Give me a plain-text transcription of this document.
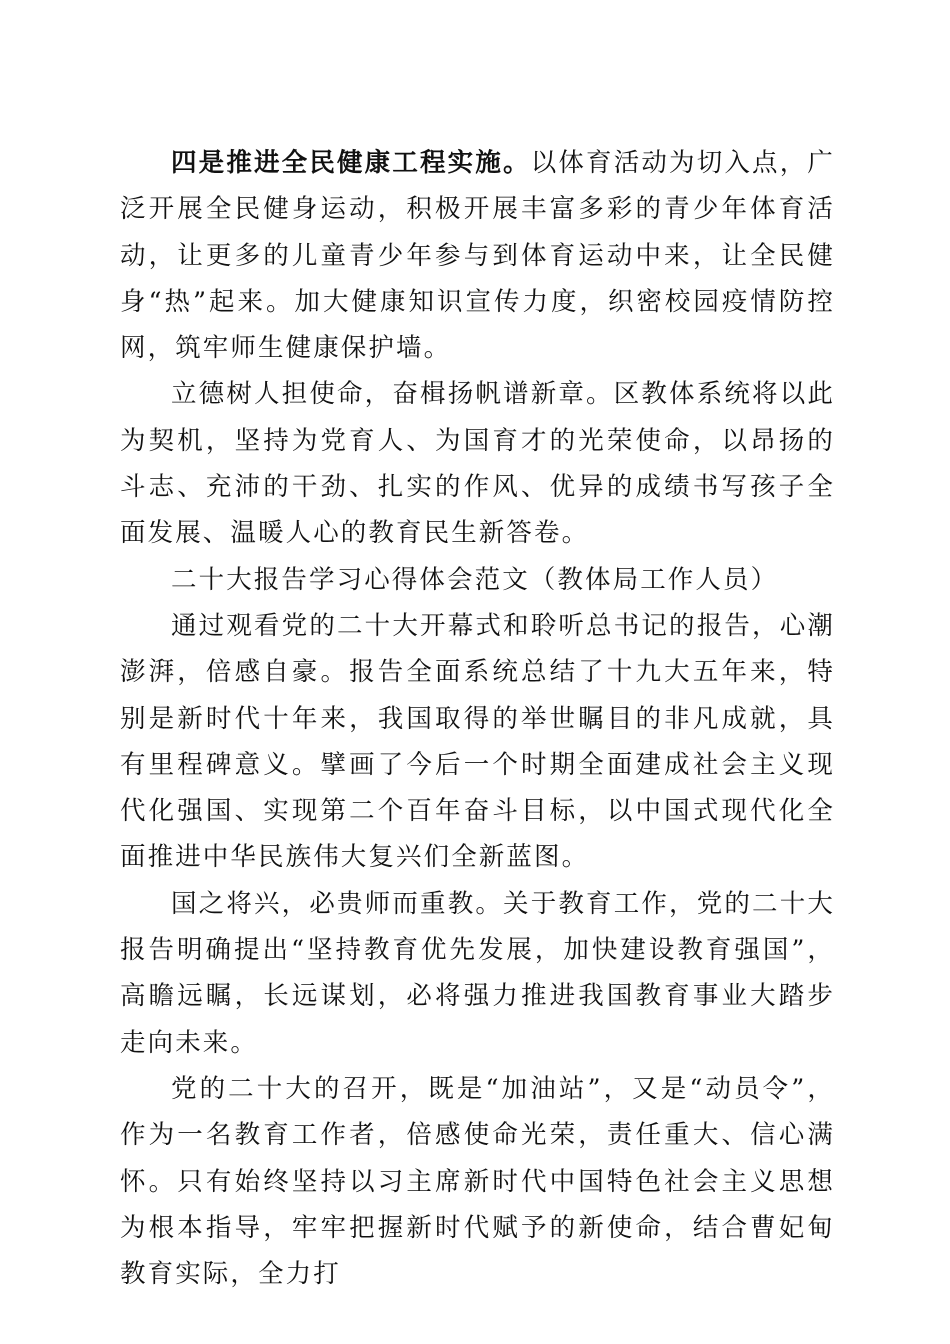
四是推进全民健康工程实施。以体育活动为切入点，广泛开展全民健身运动，积极开展丰富多彩的青少年体育活动，让更多的儿童青少年参与到体育运动中来，让全民健身“热”起来。加大健康知识宣传力度，织密校园疫情防控网，筑牢师生健康保护墙。

立德树人担使命，奋楫扬帆谱新章。区教体系统将以此为契机，坚持为党育人、为国育才的光荣使命，以昂扬的斗志、充沛的干劲、扎实的作风、优异的成绩书写孩子全面发展、温暖人心的教育民生新答卷。

二十大报告学习心得体会范文（教体局工作人员）

通过观看党的二十大开幕式和聆听总书记的报告，心潮澎湃，倍感自豪。报告全面系统总结了十九大五年来，特别是新时代十年来，我国取得的举世瞩目的非凡成就，具有里程碑意义。擘画了今后一个时期全面建成社会主义现代化强国、实现第二个百年奋斗目标，以中国式现代化全面推进中华民族伟大复兴们全新蓝图。

国之将兴，必贵师而重教。关于教育工作，党的二十大报告明确提出“坚持教育优先发展，加快建设教育强国”，高瞻远瞩，长远谋划，必将强力推进我国教育事业大踏步走向未来。

党的二十大的召开，既是“加油站”，又是“动员令”，作为一名教育工作者，倍感使命光荣，责任重大、信心满怀。只有始终坚持以习主席新时代中国特色社会主义思想为根本指导，牢牢把握新时代赋予的新使命，结合曹妃甸教育实际，全力打
